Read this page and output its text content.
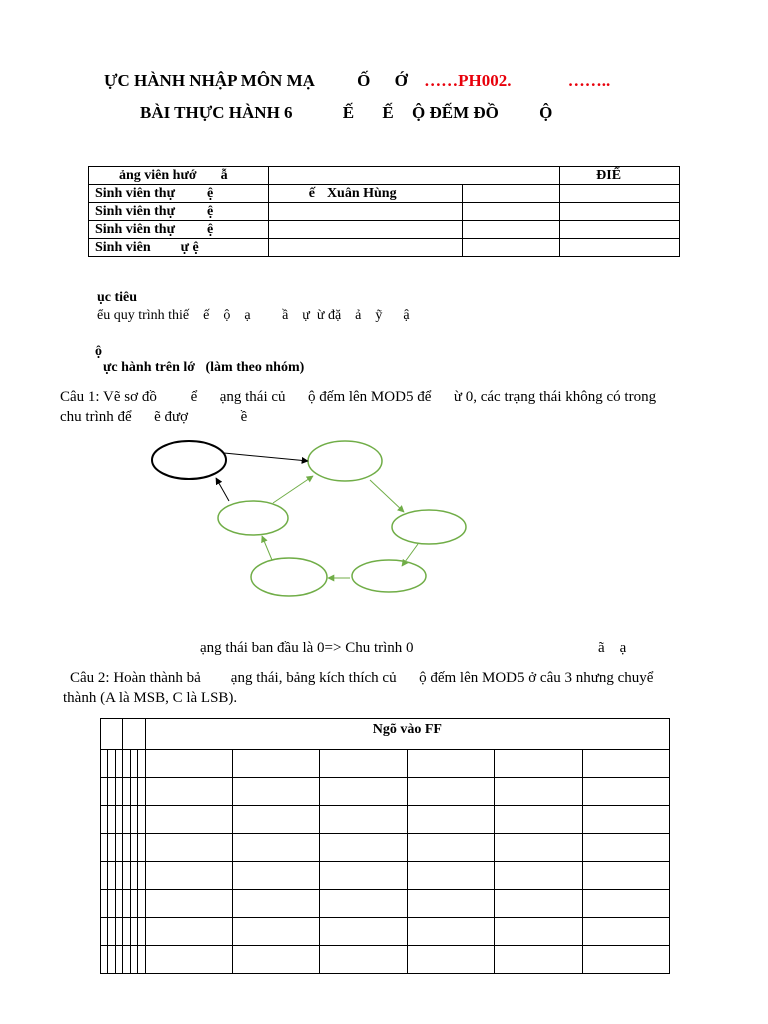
ỰC HÀNH NHẬP MÔN MẠ Ố Ớ ……PH002.	……..
BÀI THỰC HÀNH 6	Ế Ế Ộ ĐẾM ĐỒ Ộ
ảng viên hướ ẫ			ĐIỂ
Sinh viên thự ệ	ế Xuân Hùng		
Sinh viên thự ệ			
Sinh viên thự ệ			
Sinh viên ự ệ			
ục tiêu
ểu quy trình thiế    ế    ộ    ạ         ầ    ự  ừ đặ    ả    ỹ      ậ
ộ
ực hành trên lớ   (làm theo nhóm)
Câu 1: Vẽ sơ đồ         ể      ạng thái củ      ộ đếm lên MOD5 để      ừ 0, các trạng thái không có trong
chu trình để      ẽ đượ              ề
ạng thái ban đầu là 0=> Chu trình 0	ã    ạ
Câu 2: Hoàn thành bả        ạng thái, bảng kích thích củ      ộ đếm lên MOD5 ở câu 3 nhưng chuyể
thành (A là MSB, C là LSB).
						Ngõ vào FF					
